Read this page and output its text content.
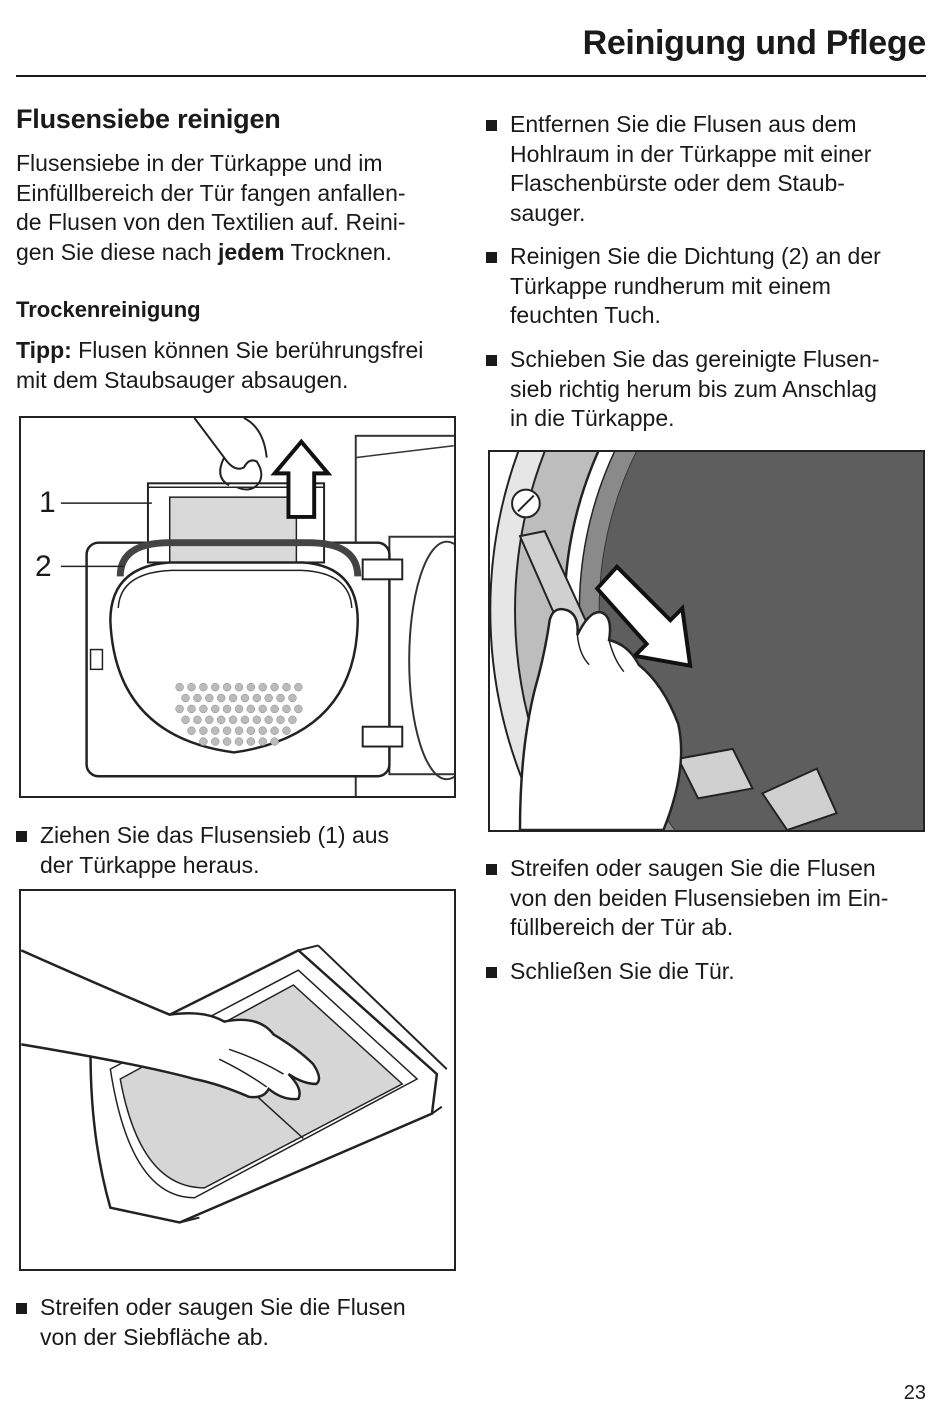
Reinigung und Pflege
Flusensiebe reinigen

Flusensiebe in der Türkappe und im
Einfüllbereich der Tür fangen anfallen-
de Flusen von den Textilien auf. Reini-
gen Sie diese nach jedem Trocknen.

Trockenreinigung

Tipp: Flusen können Sie berührungsfrei
mit dem Staubsauger absaugen.

1
2
Ziehen Sie das Flusensieb (1) aus
der Türkappe heraus.
Streifen oder saugen Sie die Flusen
von der Siebfläche ab.
Entfernen Sie die Flusen aus dem
Hohlraum in der Türkappe mit einer
Flaschenbürste oder dem Staub-
sauger.
Reinigen Sie die Dichtung (2) an der
Türkappe rundherum mit einem
feuchten Tuch.
Schieben Sie das gereinigte Flusen-
sieb richtig herum bis zum Anschlag
in die Türkappe.
Streifen oder saugen Sie die Flusen
von den beiden Flusensieben im Ein-
füllbereich der Tür ab.
Schließen Sie die Tür.
23
